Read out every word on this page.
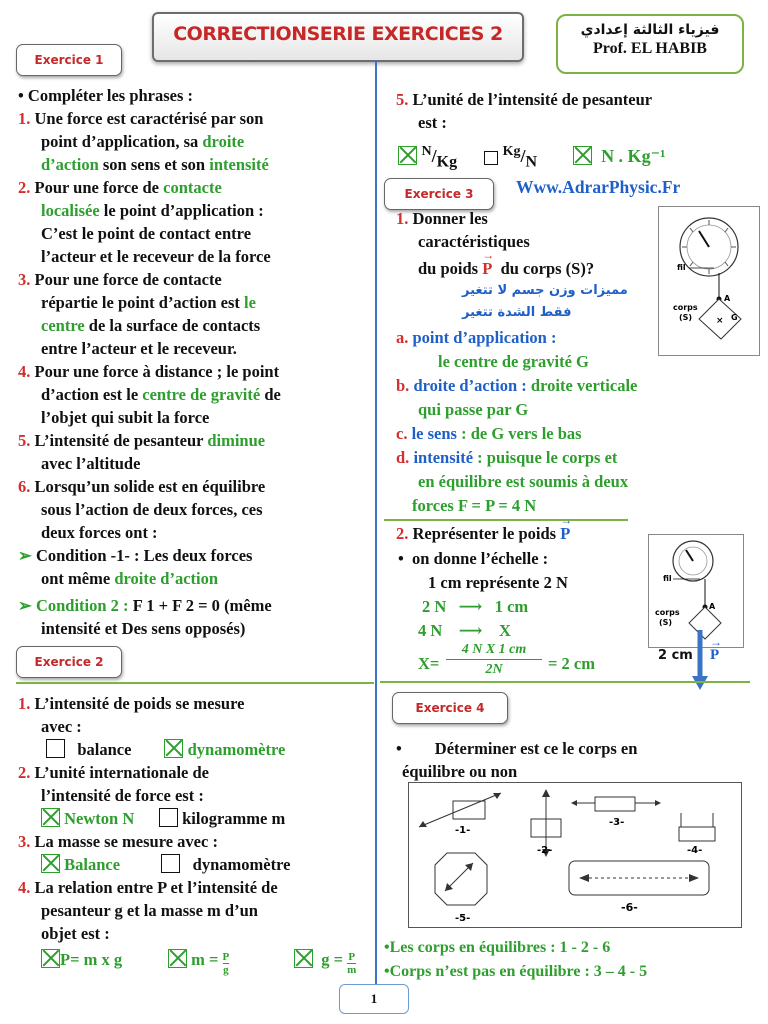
CORRECTIONSERIE EXERCICES 2	فيزياء الثالثة إعدادي
Prof. EL HABIB
Exercice 1
• Compléter les phrases :
1. Une force est caractérisé par son
point d’application, sa droite
d’action son sens et son intensité
2. Pour une force de contacte
localisée le point d’application :
C’est le point de contact entre
l’acteur et le receveur de la force
3. Pour une force de contacte
répartie le point d’action est le
centre de la surface de contacts
entre l’acteur et le receveur.
4. Pour une force à distance ; le point
d’action est le centre de gravité de
l’objet qui subit la force
5. L’intensité de pesanteur diminue
avec l’altitude
6. Lorsqu’un solide est en équilibre
sous l’action de deux forces, ces
deux forces ont :
➢ Condition -1- : Les deux forces
ont même droite d’action
➢ Condition 2 : F 1 + F 2 = 0 (même
intensité et Des sens opposés)
Exercice 2
1. L’intensité de poids se mesure
avec :
balance	dynamomètre
2. L’unité internationale de
l’intensité de force est :
Newton N	kilogramme m
3. La masse se mesure avec :
Balance	dynamomètre
4. La relation entre P et l’intensité de
pesanteur g et la masse m d’un
objet est :
P= m x g	$m = \frac{P}{g}$	$g = \frac{P}{m}$
5. L’unité de l’intensité de pesanteur
est :
$^N/_{Kg}$       $^{Kg}/_N$	N . Kg⁻¹
Exercice 3	Www.AdrarPhysic.Fr
1. Donner les
caractéristiques
du poids → P du corps (S)?
مميزات وزن جسم لا تتغير
فقط الشدة تتغير
fil
A
× G
corps
(S)
a. point d’application :
le centre de gravité G
b. droite d’action : droite verticale
qui passe par G
c. le sens : de G vers le bas
d. intensité : puisque le corps et
en équilibre est soumis à deux
forces F = P = 4 N
2. Représenter le poids → P
•  on donne l’échelle :
1 cm représente 2 N
2 N   ⟶   1 cm
4 N    ⟶    X
$X= \frac{\text{4 N X 1 cm}}{2N} = 2$ cm
fil
A
corps
(S)
2 cm → P
Exercice 4
•        Déterminer est ce le corps en
équilibre ou non
-1-
-2-
-3-
-4-
-5-
-6-
•Les corps en équilibres : 1 - 2 - 6
•Corps n’est pas en équilibre : 3 – 4 - 5
1
